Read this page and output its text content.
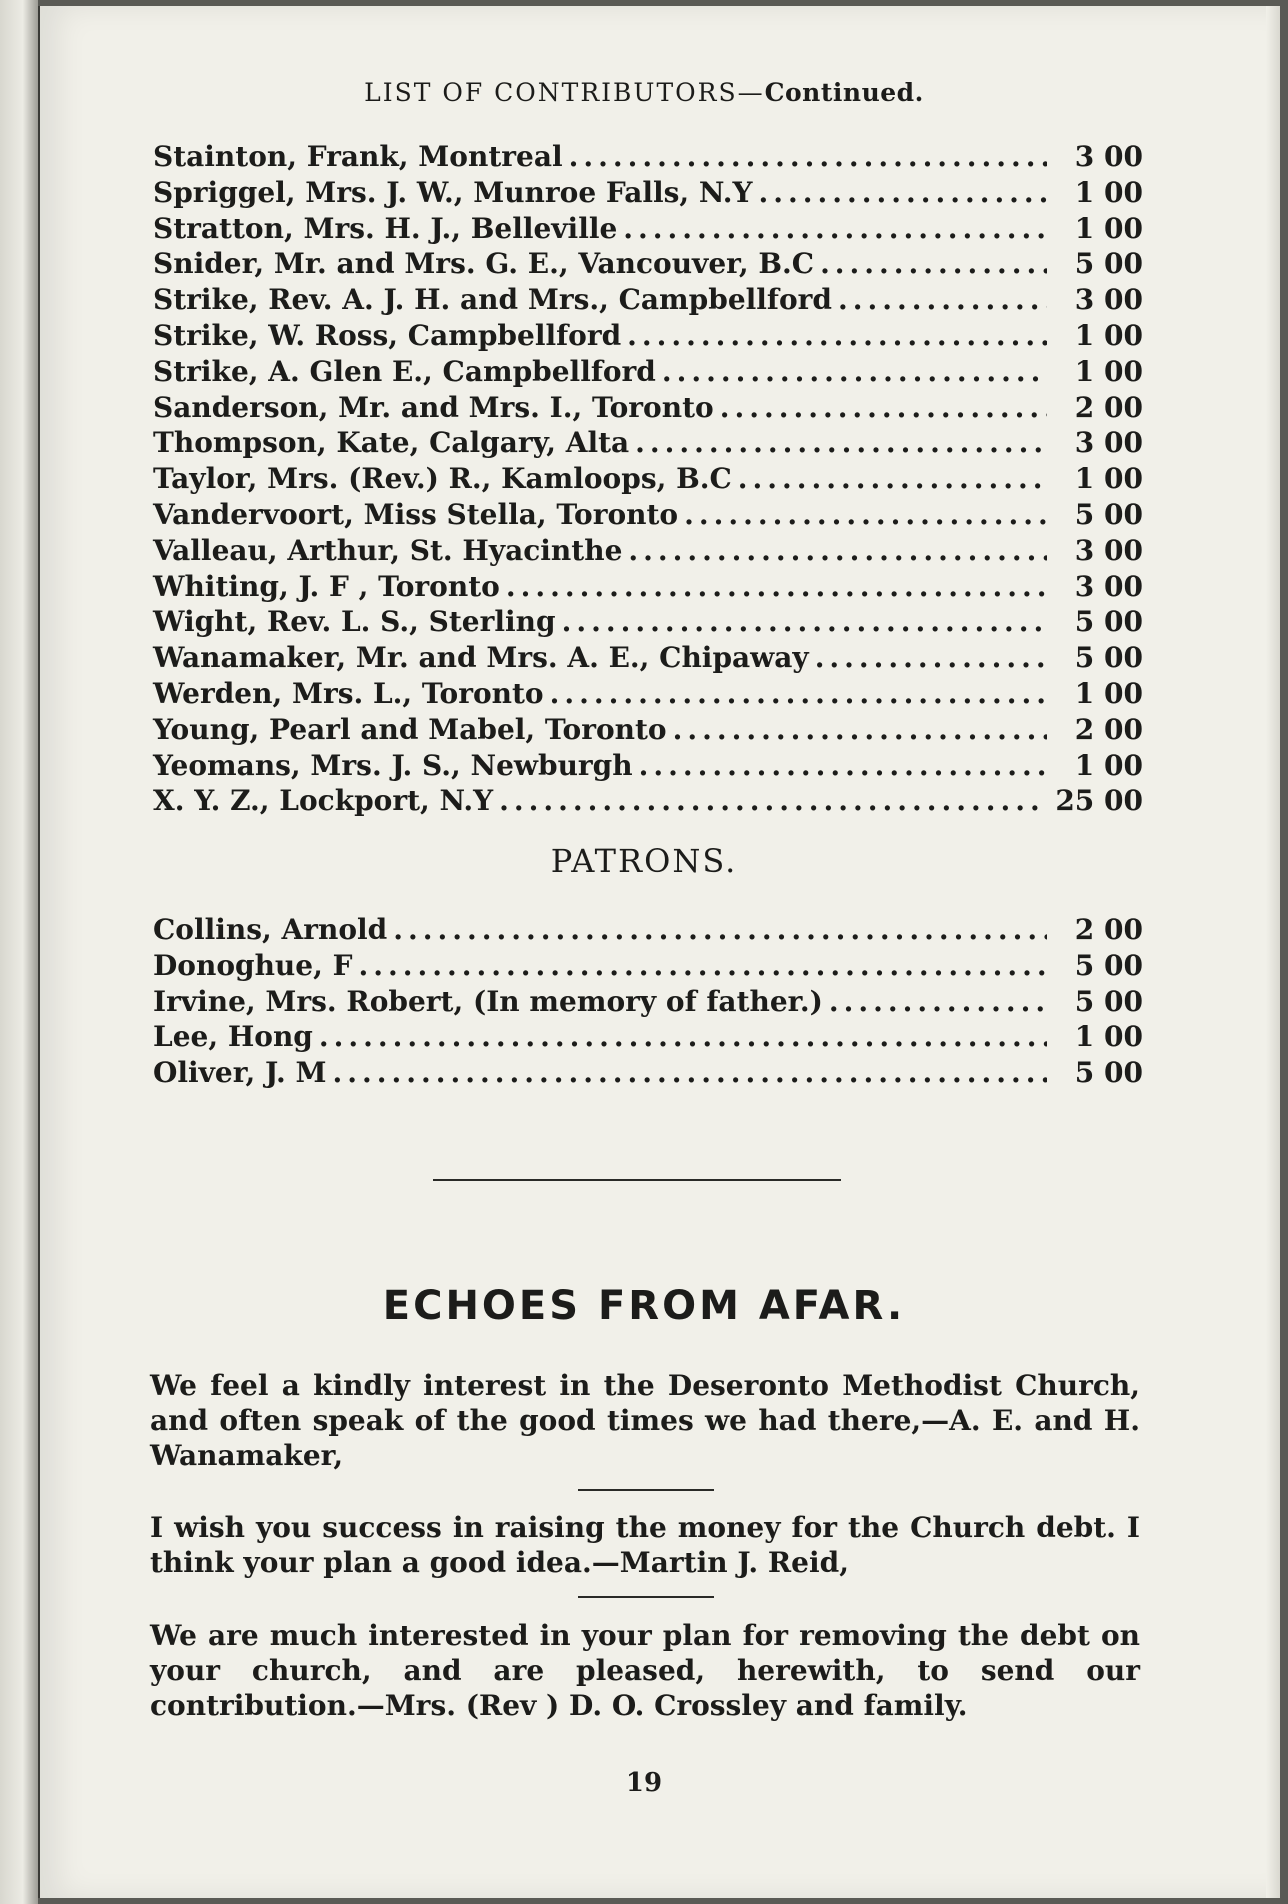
LIST OF CONTRIBUTORS—Continued.
Stainton, Frank, Montreal .....	3 00
Spriggel, Mrs. J. W., Munroe Falls, N.Y .....	1 00
Stratton, Mrs. H. J., Belleville .....	1 00
Snider, Mr. and Mrs. G. E., Vancouver, B.C .....	5 00
Strike, Rev. A. J. H. and Mrs., Campbellford .....	3 00
Strike, W. Ross, Campbellford .....	1 00
Strike, A. Glen E., Campbellford .....	1 00
Sanderson, Mr. and Mrs. I., Toronto .....	2 00
Thompson, Kate, Calgary, Alta .....	3 00
Taylor, Mrs. (Rev.) R., Kamloops, B.C .....	1 00
Vandervoort, Miss Stella, Toronto .....	5 00
Valleau, Arthur, St. Hyacinthe .....	3 00
Whiting, J. F , Toronto .....	3 00
Wight, Rev. L. S., Sterling .....	5 00
Wanamaker, Mr. and Mrs. A. E., Chipaway .....	5 00
Werden, Mrs. L., Toronto .....	1 00
Young, Pearl and Mabel, Toronto .....	2 00
Yeomans, Mrs. J. S., Newburgh .....	1 00
X. Y. Z., Lockport, N.Y .....	25 00
PATRONS.
Collins, Arnold .....	2 00
Donoghue, F .....	5 00
Irvine, Mrs. Robert, (In memory of father.) .....	5 00
Lee, Hong .....	1 00
Oliver, J. M .....	5 00
ECHOES FROM AFAR.
We feel a kindly interest in the Deseronto Methodist Church, and often speak of the good times we had there,—A. E. and H. Wanamaker,
I wish you success in raising the money for the Church debt. I think your plan a good idea.—Martin J. Reid,
We are much interested in your plan for removing the debt on your church, and are pleased, herewith, to send our contribution.—Mrs. (Rev ) D. O. Crossley and family.
19
